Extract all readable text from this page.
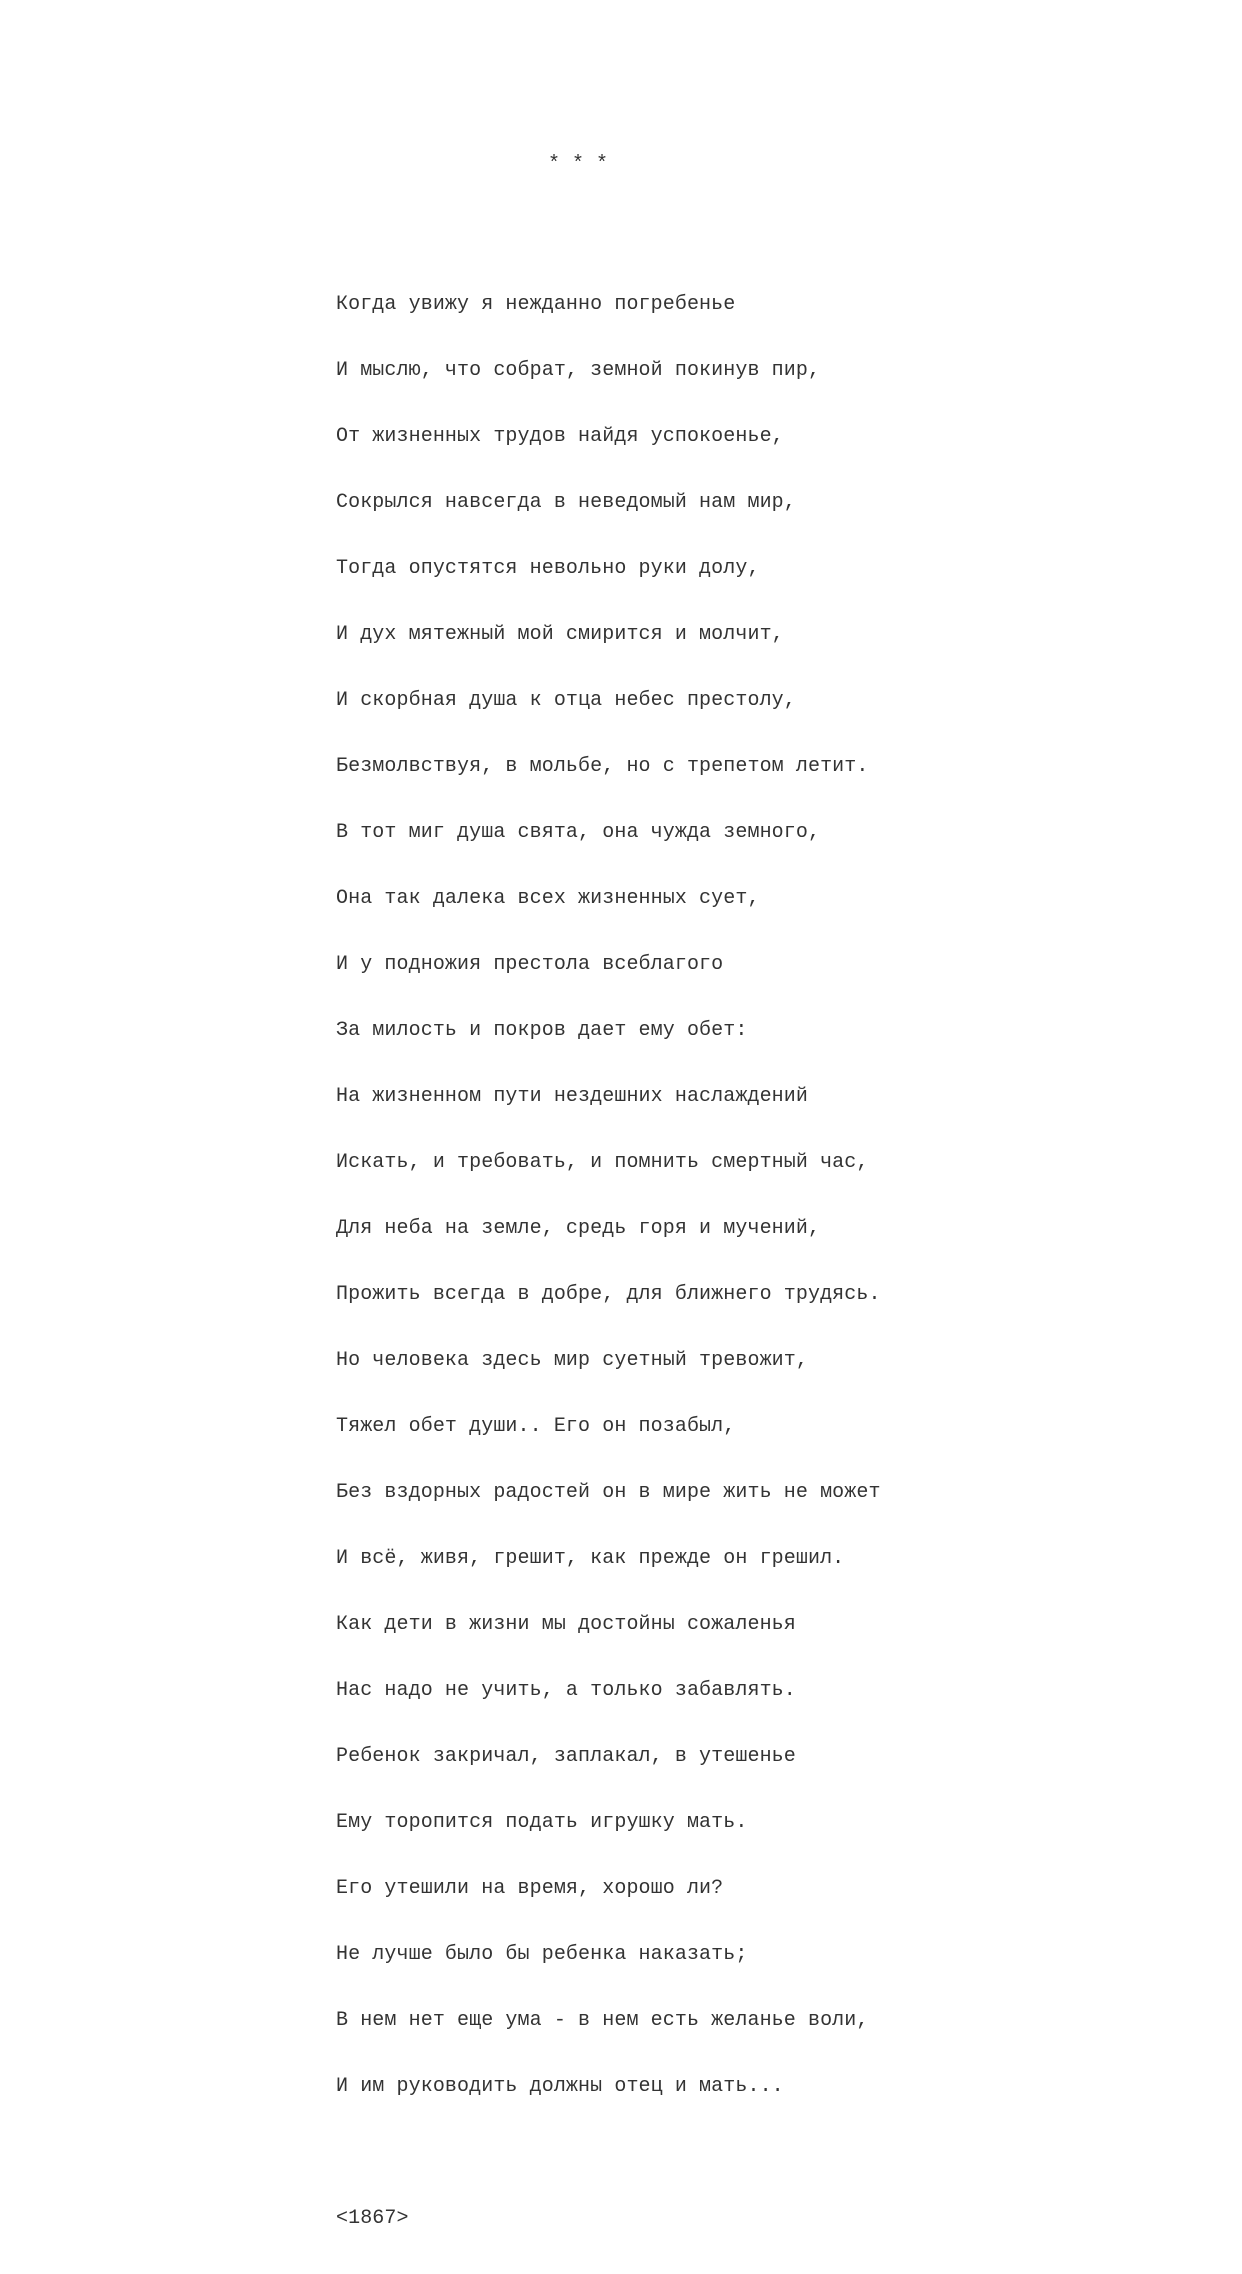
* * *

Когда увижу я нежданно погребенье

И мыслю, что собрат, земной покинув пир,

От жизненных трудов найдя успокоенье,

Сокрылся навсегда в неведомый нам мир,

Тогда опустятся невольно руки долу,

И дух мятежный мой смирится и молчит,

И скорбная душа к отца небес престолу,

Безмолвствуя, в мольбе, но с трепетом летит.

В тот миг душа свята, она чужда земного,

Она так далека всех жизненных сует,

И у подножия престола всеблагого

За милость и покров дает ему обет:

На жизненном пути нездешних наслаждений

Искать, и требовать, и помнить смертный час,

Для неба на земле, средь горя и мучений,

Прожить всегда в добре, для ближнего трудясь.

Но человека здесь мир суетный тревожит,

Тяжел обет души.. Его он позабыл,

Без вздорных радостей он в мире жить не может

И всё, живя, грешит, как прежде он грешил.

Как дети в жизни мы достойны сожаленья

Нас надо не учить, а только забавлять.

Ребенок закричал, заплакал, в утешенье

Ему торопится подать игрушку мать.

Его утешили на время, хорошо ли?

Не лучше было бы ребенка наказать;

В нем нет еще ума - в нем есть желанье воли,

И им руководить должны отец и мать...

<1867>
